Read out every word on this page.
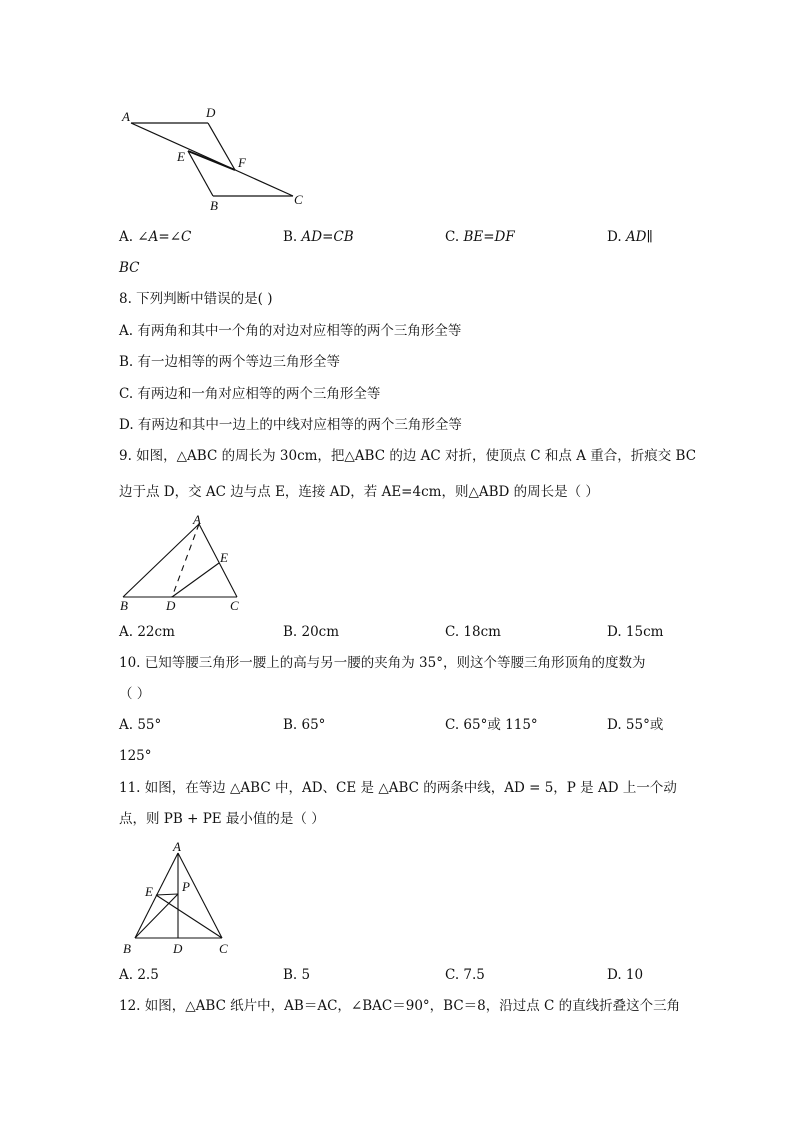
A	D
E	F
B	C
A. ∠A=∠C	B. AD=CB	C. BE=DF	D. AD∥
BC
8. 下列判断中错误的是( )
A. 有两角和其中一个角的对边对应相等的两个三角形全等
B. 有一边相等的两个等边三角形全等
C. 有两边和一角对应相等的两个三角形全等
D. 有两边和其中一边上的中线对应相等的两个三角形全等
9. 如图，△ABC 的周长为 30cm，把△ABC 的边 AC 对折，使顶点 C 和点 A 重合，折痕交 BC
边于点 D，交 AC 边与点 E，连接 AD，若 AE=4cm，则△ABD 的周长是（ ）
A
E
B	D	C
A. 22cm	B. 20cm	C. 18cm	D. 15cm
10. 已知等腰三角形一腰上的高与另一腰的夹角为 35°，则这个等腰三角形顶角的度数为
（ ）
A. 55°	B. 65°	C. 65°或 115°	D. 55°或
125°
11. 如图，在等边 △ABC 中，AD、CE 是 △ABC 的两条中线，AD = 5，P 是 AD 上一个动
点，则 PB + PE 最小值的是（ ）
A
E P
B	D	C
A. 2.5	B. 5	C. 7.5	D. 10
12. 如图，△ABC 纸片中，AB＝AC，∠BAC＝90°，BC＝8，沿过点 C 的直线折叠这个三角
